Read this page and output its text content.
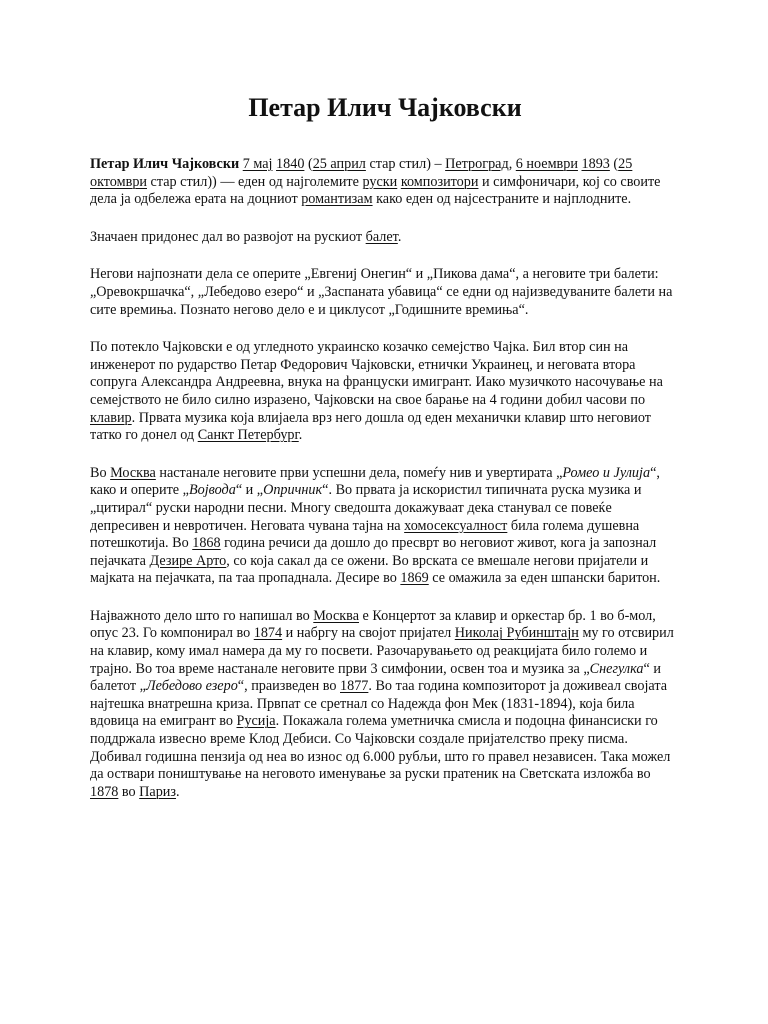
Петар Илич Чајковски

Петар Илич Чајковски 7 мај 1840 (25 април стар стил) – Петроград, 6 ноември 1893 (25 октомври стар стил)) — еден од најголемите руски композитори и симфоничари, кој со своите дела ја одбележа ерата на доцниот романтизам како еден од најсестраните и најплодните.

Значаен придонес дал во развојот на рускиот балет.

Негови најпознати дела се оперите „Евгениј Онегин“ и „Пикова дама“, а неговите три балети: „Оревокршачка“, „Лебедово езеро“ и „Заспаната убавица“ се едни од најизведуваните балети на сите времиња. Познато негово дело е и циклусот „Годишните времиња“.

По потекло Чајковски е од угледното украинско козачко семејство Чајка. Бил втор син на инженерот по рударство Петар Федорович Чајковски, етнички Украинец, и неговата втора сопруга Александра Андреевна, внука на француски имигрант. Иако музичкото насочување на семејството не било силно изразено, Чајковски на свое барање на 4 години добил часови по клавир. Првата музика која влијаела врз него дошла од еден механички клавир што неговиот татко го донел од Санкт Петербург.

Во Москва настанале неговите први успешни дела, помеѓу нив и увертирата „Ромео и Јулија“, како и оперите „Војвода“ и „Опричник“. Во првата ја искористил типичната руска музика и „цитирал“ руски народни песни. Многу сведошта докажуваат дека станувал се повеќе депресивен и невротичен. Неговата чувана тајна на хомосексуалност била голема душевна потешкотија. Во 1868 година речиси да дошло до пресврт во неговиот живот, кога ја запознал пејачката Дезире Арто, со која сакал да се ожени. Во врската се вмешале негови пријатели и мајката на пејачката, па таа пропаднала. Десире во 1869 се омажила за еден шпански баритон.

Најважното дело што го напишал во Москва е Концертот за клавир и оркестар бр. 1 во б-мол, опус 23. Го компонирал во 1874 и набргу на својот пријател Николај Рубинштајн му го отсвирил на клавир, кому имал намера да му го посвети. Разочарувањето од реакцијата било големо и трајно. Во тоа време настанале неговите први 3 симфонии, освен тоа и музика за „Снегулка“ и балетот „Лебедово езеро“, праизведен во 1877. Во таа година композиторот ја доживеал својата најтешка внатрешна криза. Првпат се сретнал со Надежда фон Мек (1831-1894), која била вдовица на емигрант во Русија. Покажала голема уметничка смисла и подоцна финансиски го поддржала извесно време Клод Дебиси. Со Чајковски создале пријателство преку писма. Добивал годишна пензија од неа во износ од 6.000 рубљи, што го правел независен. Така можел да оствари поништување на неговото именување за руски пратеник на Светската изложба во 1878 во Париз.
